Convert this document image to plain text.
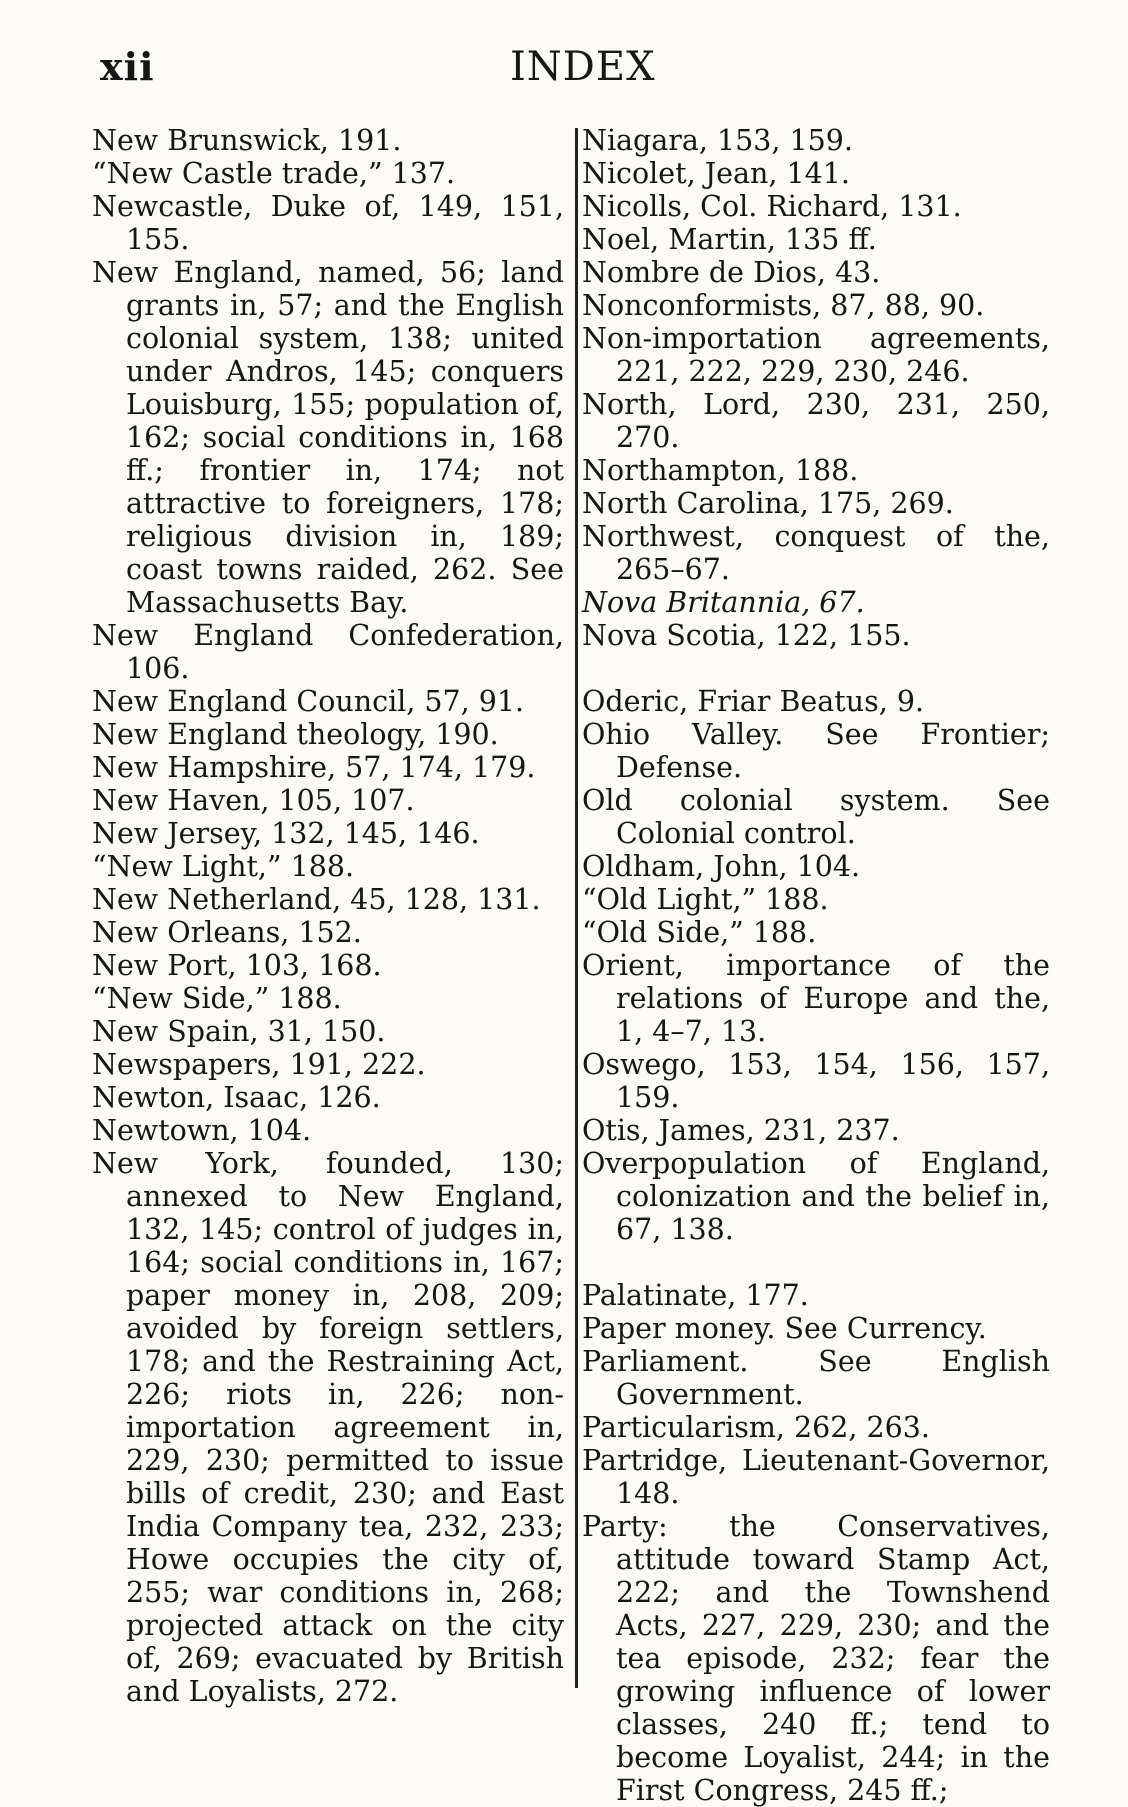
xii	INDEX

New Brunswick, 191.

“New Castle trade,” 137.

Newcastle, Duke of, 149, 151, 155.

New England, named, 56; land grants in, 57; and the English colonial system, 138; united under Andros, 145; conquers Louisburg, 155; population of, 162; social conditions in, 168 ff.; frontier in, 174; not attractive to foreigners, 178; religious division in, 189; coast towns raided, 262. See Massachusetts Bay.

New England Confederation, 106.

New England Council, 57, 91.

New England theology, 190.

New Hampshire, 57, 174, 179.

New Haven, 105, 107.

New Jersey, 132, 145, 146.

“New Light,” 188.

New Netherland, 45, 128, 131.

New Orleans, 152.

New Port, 103, 168.

“New Side,” 188.

New Spain, 31, 150.

Newspapers, 191, 222.

Newton, Isaac, 126.

Newtown, 104.

New York, founded, 130; annexed to New England, 132, 145; control of judges in, 164; social conditions in, 167; paper money in, 208, 209; avoided by foreign settlers, 178; and the Restraining Act, 226; riots in, 226; non-importation agreement in, 229, 230; permitted to issue bills of credit, 230; and East India Company tea, 232, 233; Howe occupies the city of, 255; war conditions in, 268; projected attack on the city of, 269; evacuated by British and Loyalists, 272.

Niagara, 153, 159.

Nicolet, Jean, 141.

Nicolls, Col. Richard, 131.

Noel, Martin, 135 ff.

Nombre de Dios, 43.

Nonconformists, 87, 88, 90.

Non-importation agreements, 221, 222, 229, 230, 246.

North, Lord, 230, 231, 250, 270.

Northampton, 188.

North Carolina, 175, 269.

Northwest, conquest of the, 265–67.

Nova Britannia, 67.

Nova Scotia, 122, 155.

Oderic, Friar Beatus, 9.

Ohio Valley. See Frontier; Defense.

Old colonial system. See Colonial control.

Oldham, John, 104.

“Old Light,” 188.

“Old Side,” 188.

Orient, importance of the relations of Europe and the, 1, 4–7, 13.

Oswego, 153, 154, 156, 157, 159.

Otis, James, 231, 237.

Overpopulation of England, colonization and the belief in, 67, 138.

Palatinate, 177.

Paper money. See Currency.

Parliament. See English Government.

Particularism, 262, 263.

Partridge, Lieutenant-Governor, 148.

Party: the Conservatives, attitude toward Stamp Act, 222; and the Townshend Acts, 227, 229, 230; and the tea episode, 232; fear the growing influence of lower classes, 240 ff.; tend to become Loyalist, 244; in the First Congress, 245 ff.;
